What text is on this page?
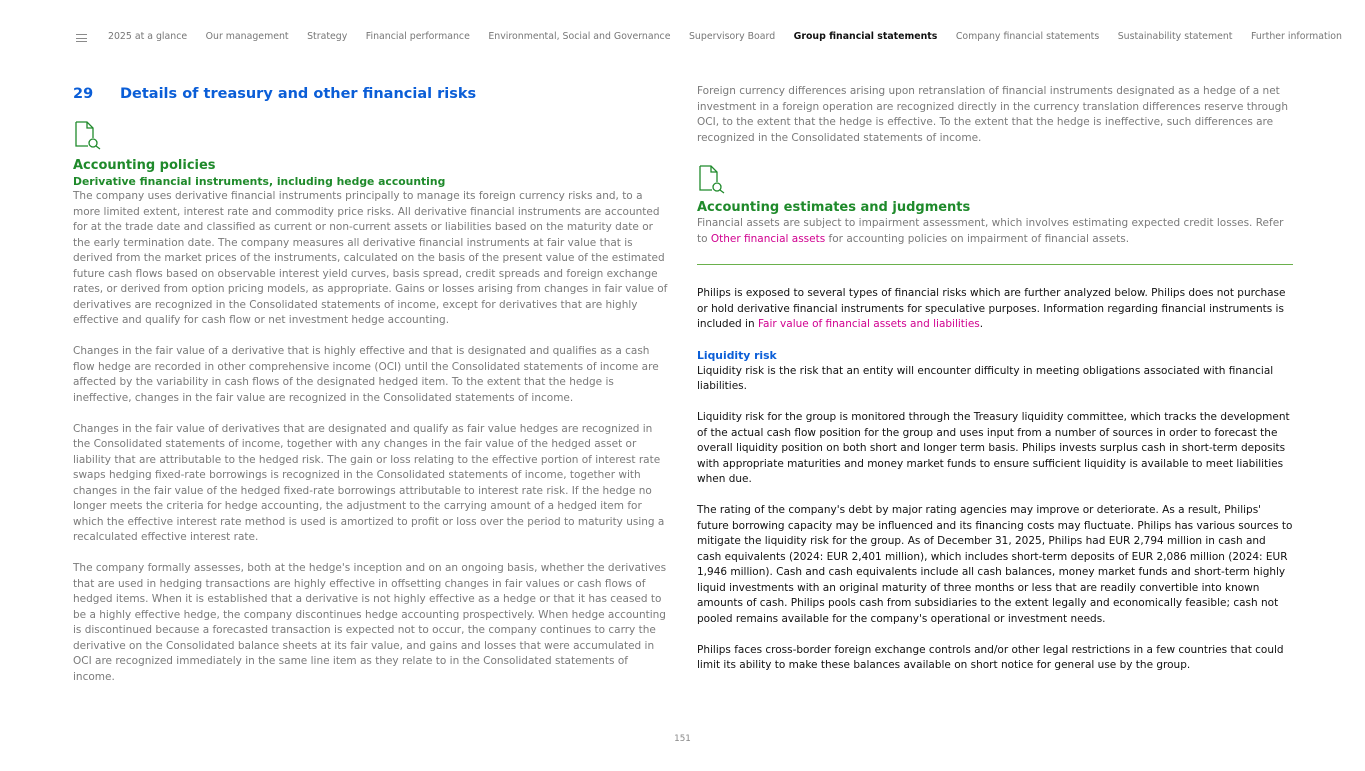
2025 at a glance Our management Strategy Financial performance Environmental, Social and Governance Supervisory Board Group financial statements Company financial statements Sustainability statement Further information
29	Details of treasury and other financial risks
Accounting policies
Derivative financial instruments, including hedge accounting

The company uses derivative financial instruments principally to manage its foreign currency risks and, to a more limited extent, interest rate and commodity price risks. All derivative financial instruments are accounted for at the trade date and classified as current or non-current assets or liabilities based on the maturity date or the early termination date. The company measures all derivative financial instruments at fair value that is derived from the market prices of the instruments, calculated on the basis of the present value of the estimated future cash flows based on observable interest yield curves, basis spread, credit spreads and foreign exchange rates, or derived from option pricing models, as appropriate. Gains or losses arising from changes in fair value of derivatives are recognized in the Consolidated statements of income, except for derivatives that are highly effective and qualify for cash flow or net investment hedge accounting.

Changes in the fair value of a derivative that is highly effective and that is designated and qualifies as a cash flow hedge are recorded in other comprehensive income (OCI) until the Consolidated statements of income are affected by the variability in cash flows of the designated hedged item. To the extent that the hedge is ineffective, changes in the fair value are recognized in the Consolidated statements of income.

Changes in the fair value of derivatives that are designated and qualify as fair value hedges are recognized in the Consolidated statements of income, together with any changes in the fair value of the hedged asset or liability that are attributable to the hedged risk. The gain or loss relating to the effective portion of interest rate swaps hedging fixed-rate borrowings is recognized in the Consolidated statements of income, together with changes in the fair value of the hedged fixed-rate borrowings attributable to interest rate risk. If the hedge no longer meets the criteria for hedge accounting, the adjustment to the carrying amount of a hedged item for which the effective interest rate method is used is amortized to profit or loss over the period to maturity using a recalculated effective interest rate.

The company formally assesses, both at the hedge's inception and on an ongoing basis, whether the derivatives that are used in hedging transactions are highly effective in offsetting changes in fair values or cash flows of hedged items. When it is established that a derivative is not highly effective as a hedge or that it has ceased to be a highly effective hedge, the company discontinues hedge accounting prospectively. When hedge accounting is discontinued because a forecasted transaction is expected not to occur, the company continues to carry the derivative on the Consolidated balance sheets at its fair value, and gains and losses that were accumulated in OCI are recognized immediately in the same line item as they relate to in the Consolidated statements of income.

Foreign currency differences arising upon retranslation of financial instruments designated as a hedge of a net investment in a foreign operation are recognized directly in the currency translation differences reserve through OCI, to the extent that the hedge is effective. To the extent that the hedge is ineffective, such differences are recognized in the Consolidated statements of income.

Accounting estimates and judgments

Financial assets are subject to impairment assessment, which involves estimating expected credit losses. Refer to Other financial assets for accounting policies on impairment of financial assets.

Philips is exposed to several types of financial risks which are further analyzed below. Philips does not purchase or hold derivative financial instruments for speculative purposes. Information regarding financial instruments is included in Fair value of financial assets and liabilities.

Liquidity risk

Liquidity risk is the risk that an entity will encounter difficulty in meeting obligations associated with financial liabilities.

Liquidity risk for the group is monitored through the Treasury liquidity committee, which tracks the development of the actual cash flow position for the group and uses input from a number of sources in order to forecast the overall liquidity position on both short and longer term basis. Philips invests surplus cash in short-term deposits with appropriate maturities and money market funds to ensure sufficient liquidity is available to meet liabilities when due.

The rating of the company's debt by major rating agencies may improve or deteriorate. As a result, Philips' future borrowing capacity may be influenced and its financing costs may fluctuate. Philips has various sources to mitigate the liquidity risk for the group. As of December 31, 2025, Philips had EUR 2,794 million in cash and cash equivalents (2024: EUR 2,401 million), which includes short-term deposits of EUR 2,086 million (2024: EUR 1,946 million). Cash and cash equivalents include all cash balances, money market funds and short-term highly liquid investments with an original maturity of three months or less that are readily convertible into known amounts of cash. Philips pools cash from subsidiaries to the extent legally and economically feasible; cash not pooled remains available for the company's operational or investment needs.

Philips faces cross-border foreign exchange controls and/or other legal restrictions in a few countries that could limit its ability to make these balances available on short notice for general use by the group.

151
